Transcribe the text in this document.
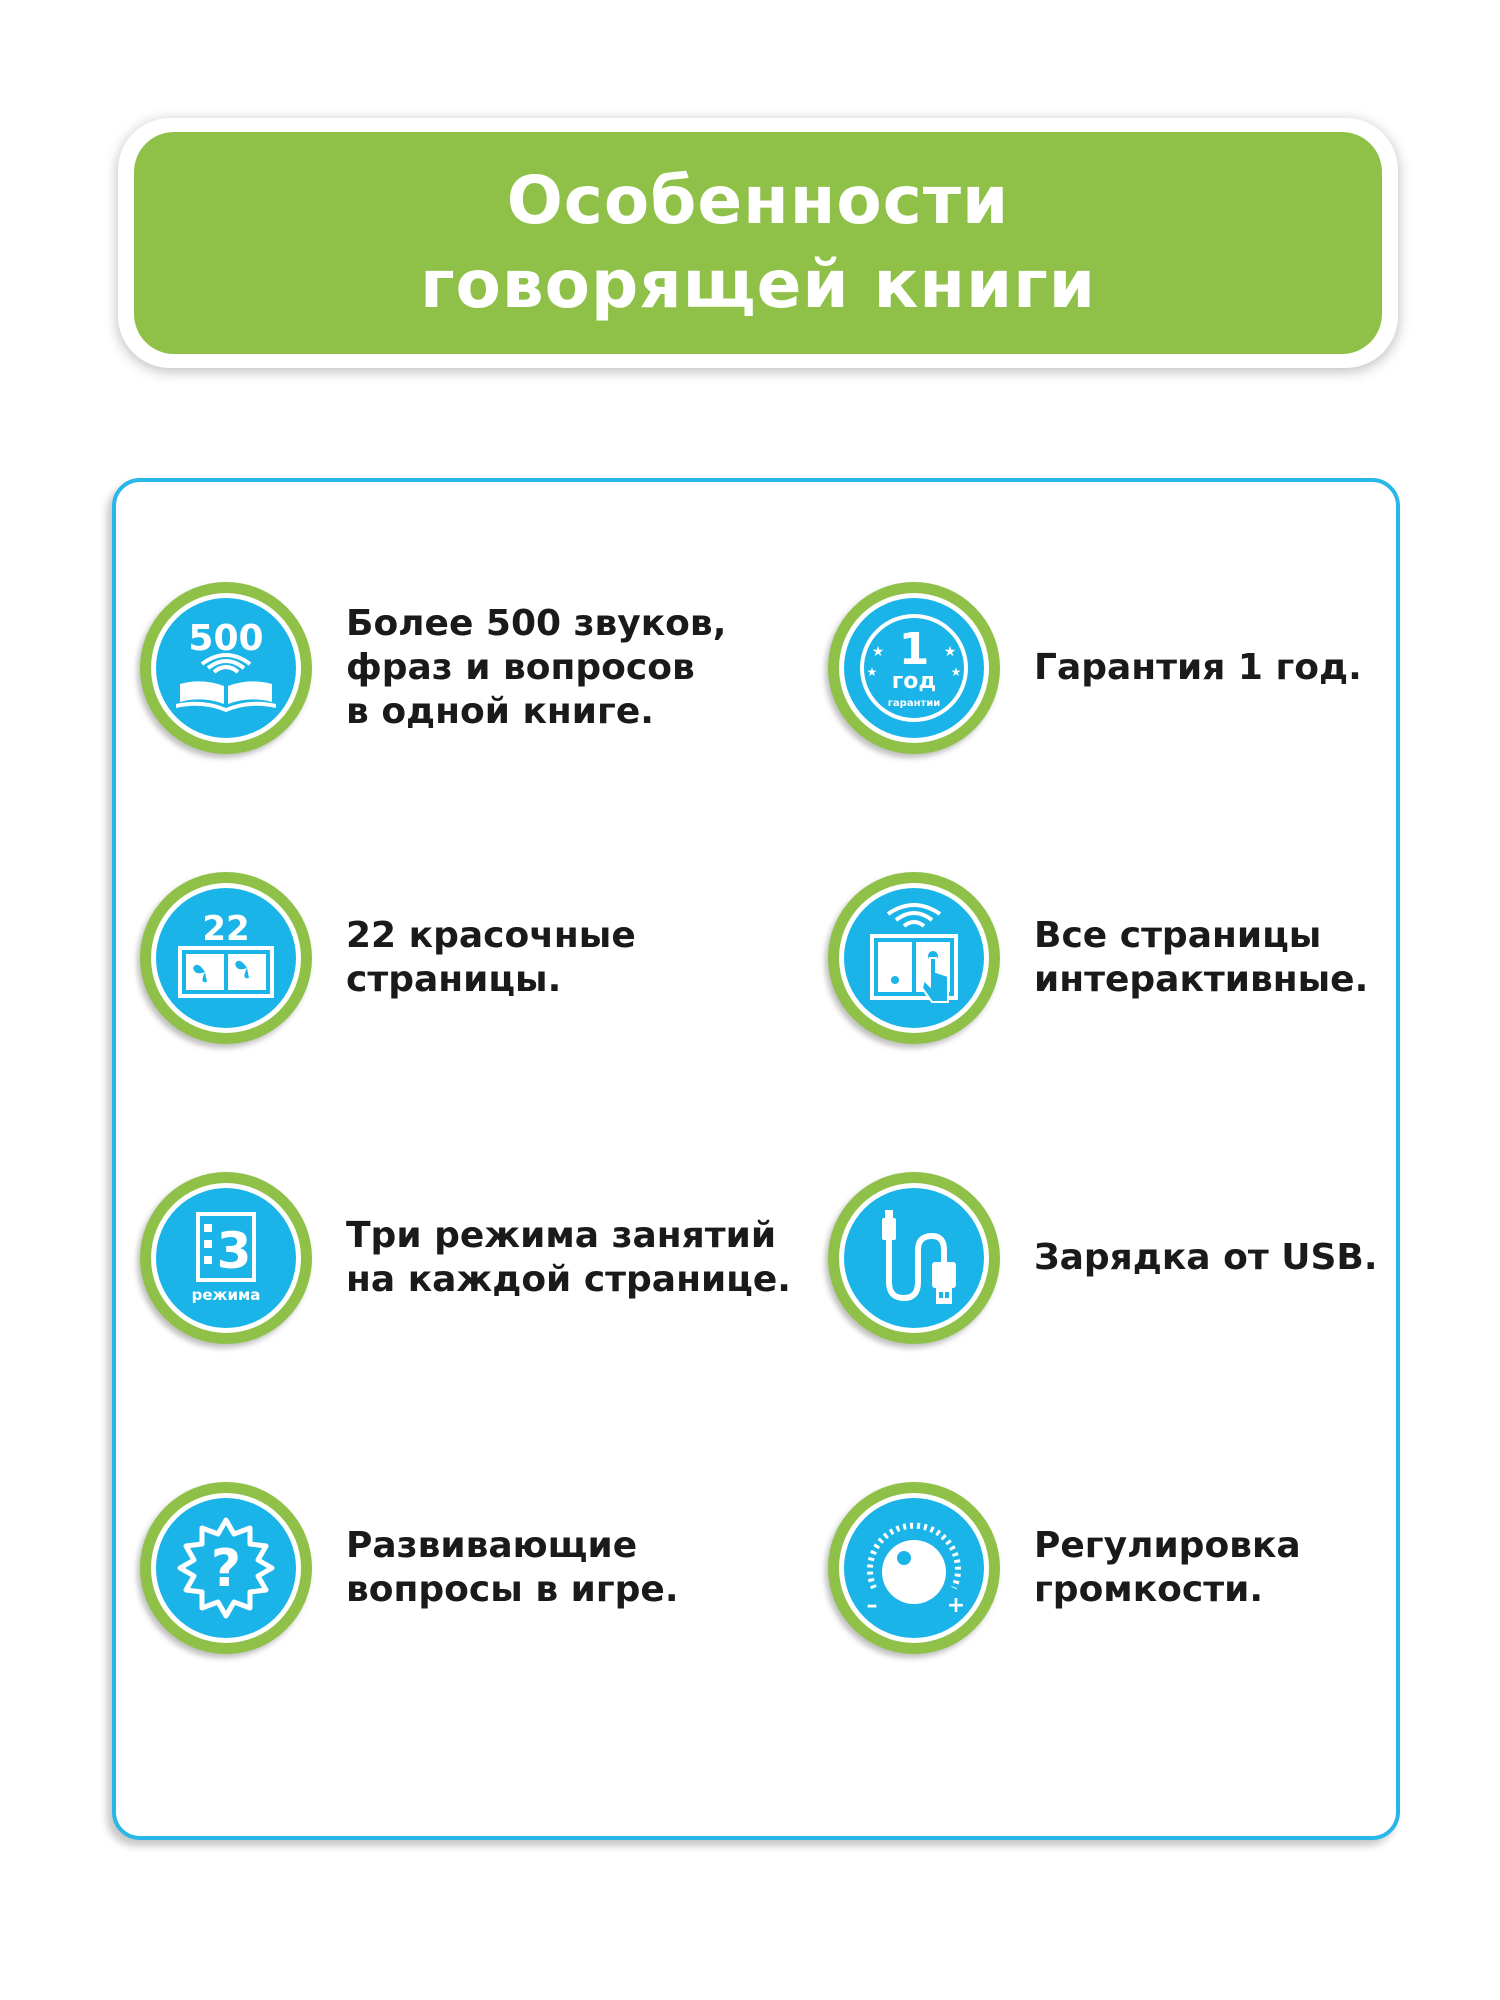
Особенности
говорящей книги
500 Более 500 звуков,
фраз и вопросов
в одной книге.
1
год
гарантии
★
★
★
★ Гарантия 1 год.
22	22 красочные
страницы.
Все страницы
интерактивные.
3
режима
Три режима занятий
на каждой странице.
Зарядка от USB.
?	Развивающие
вопросы в игре.	–	+
Регулировка
громкости.
